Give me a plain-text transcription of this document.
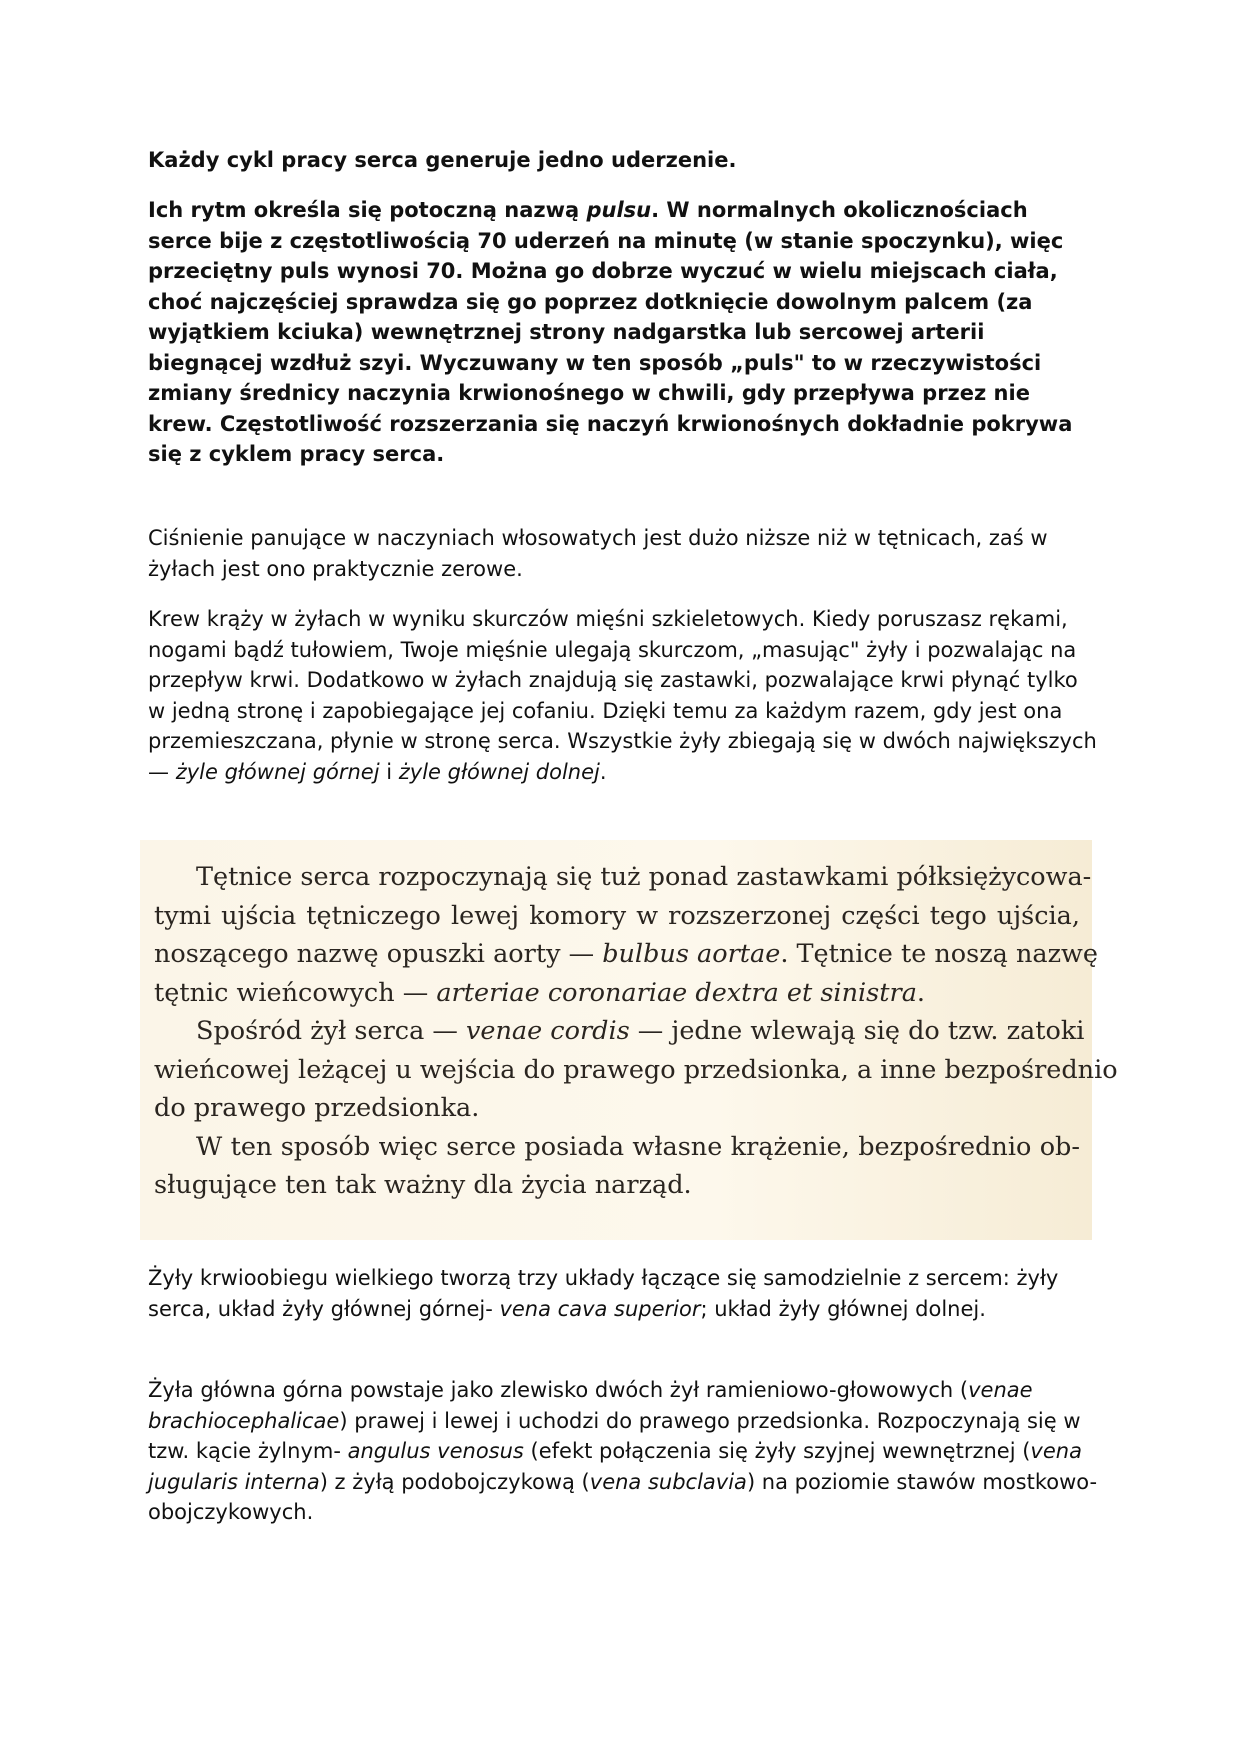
Każdy cykl pracy serca generuje jedno uderzenie.

Ich rytm określa się potoczną nazwą pulsu. W normalnych okolicznościach serce bije z częstotliwością 70 uderzeń na minutę (w stanie spoczynku), więc przeciętny puls wynosi 70. Można go dobrze wyczuć w wielu miejscach ciała, choć najczęściej sprawdza się go poprzez dotknięcie dowolnym palcem (za wyjątkiem kciuka) wewnętrznej strony nadgarstka lub sercowej arterii biegnącej wzdłuż szyi. Wyczuwany w ten sposób „puls" to w rzeczywistości zmiany średnicy naczynia krwionośnego w chwili, gdy przepływa przez nie krew. Częstotliwość rozszerzania się naczyń krwionośnych dokładnie pokrywa się z cyklem pracy serca.

Ciśnienie panujące w naczyniach włosowatych jest dużo niższe niż w tętnicach, zaś w żyłach jest ono praktycznie zerowe.

Krew krąży w żyłach w wyniku skurczów mięśni szkieletowych. Kiedy poruszasz rękami, nogami bądź tułowiem, Twoje mięśnie ulegają skurczom, „masując" żyły i pozwalając na przepływ krwi. Dodatkowo w żyłach znajdują się zastawki, pozwalające krwi płynąć tylko w jedną stronę i zapobiegające jej cofaniu. Dzięki temu za każdym razem, gdy jest ona przemieszczana, płynie w stronę serca. Wszystkie żyły zbiegają się w dwóch największych — żyle głównej górnej i żyle głównej dolnej.

Żyły krwioobiegu wielkiego tworzą trzy układy łączące się samodzielnie z sercem: żyły serca, układ żyły głównej górnej- vena cava superior; układ żyły głównej dolnej.

Żyła główna górna powstaje jako zlewisko dwóch żył ramieniowo-głowowych (venae brachiocephalicae) prawej i lewej i uchodzi do prawego przedsionka. Rozpoczynają się w tzw. kącie żylnym- angulus venosus (efekt połączenia się żyły szyjnej wewnętrznej (vena jugularis interna) z żyłą podobojczykową (vena subclavia) na poziomie stawów mostkowo-obojczykowych.

Tętnice serca rozpoczynają się tuż ponad zastawkami półksiężycowa-
tymi ujścia tętniczego lewej komory w rozszerzonej części tego ujścia,
noszącego nazwę opuszki aorty — bulbus aortae. Tętnice te noszą nazwę
tętnic wieńcowych — arteriae coronariae dextra et sinistra.
Spośród żył serca — venae cordis — jedne wlewają się do tzw. zatoki
wieńcowej leżącej u wejścia do prawego przedsionka, a inne bezpośrednio
do prawego przedsionka.
W ten sposób więc serce posiada własne krążenie, bezpośrednio ob-
sługujące ten tak ważny dla życia narząd.
